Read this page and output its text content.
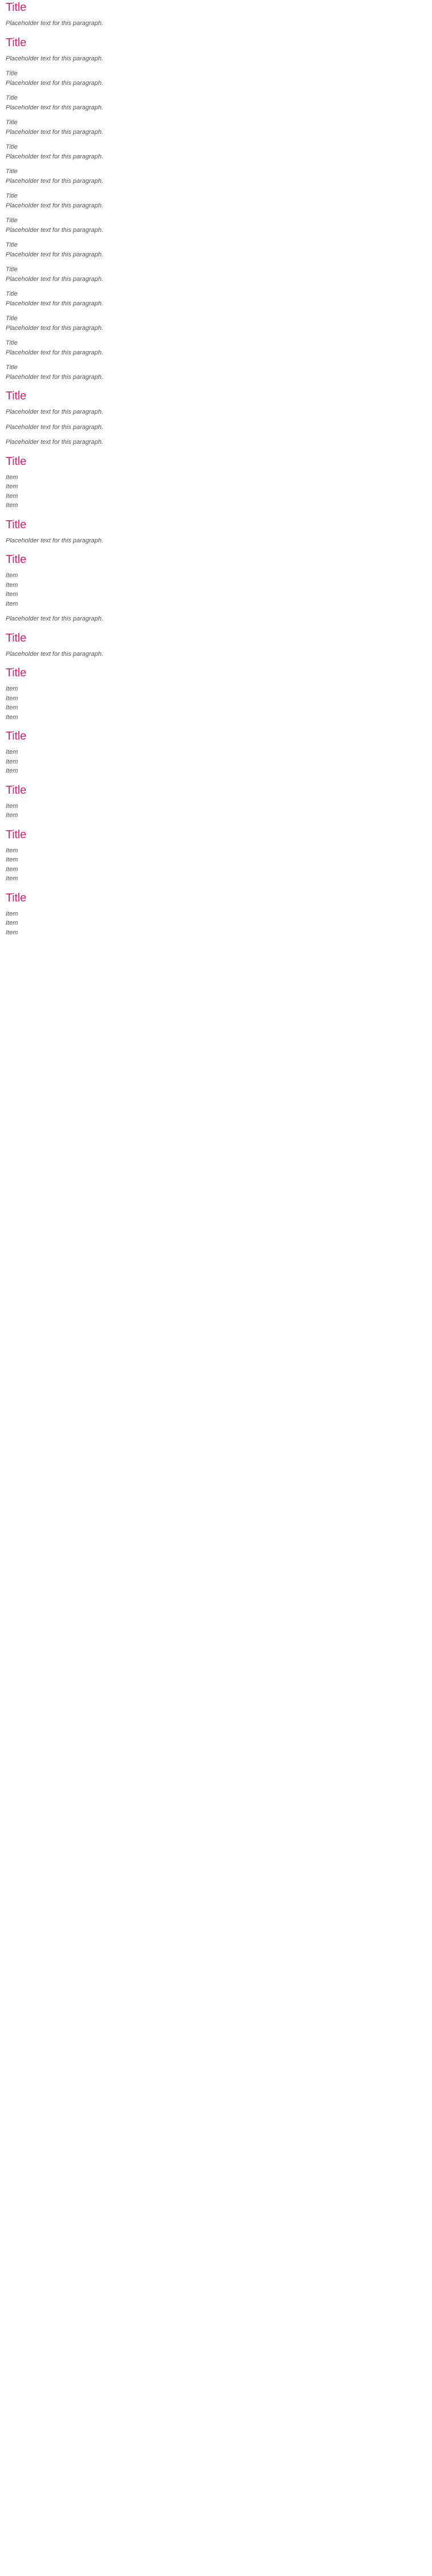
Title

Placeholder text for this paragraph.

Title

Placeholder text for this paragraph.

Title

Placeholder text for this paragraph.

Title

Placeholder text for this paragraph.

Title

Placeholder text for this paragraph.

Title

Placeholder text for this paragraph.

Title

Placeholder text for this paragraph.

Title

Placeholder text for this paragraph.

Title

Placeholder text for this paragraph.

Title

Placeholder text for this paragraph.

Title

Placeholder text for this paragraph.

Title

Placeholder text for this paragraph.

Title

Placeholder text for this paragraph.

Title

Placeholder text for this paragraph.

Title

Placeholder text for this paragraph.

Title

Placeholder text for this paragraph.

Placeholder text for this paragraph.

Placeholder text for this paragraph.

Title

Item

Item

Item

Item

Title

Placeholder text for this paragraph.

Title

Item

Item

Item

Item

Placeholder text for this paragraph.

Title

Placeholder text for this paragraph.

Title

Item

Item

Item

Item

Title

Item

Item

Item

Title

Item

Item

Title

Item

Item

Item

Item

Title

Item

Item

Item
